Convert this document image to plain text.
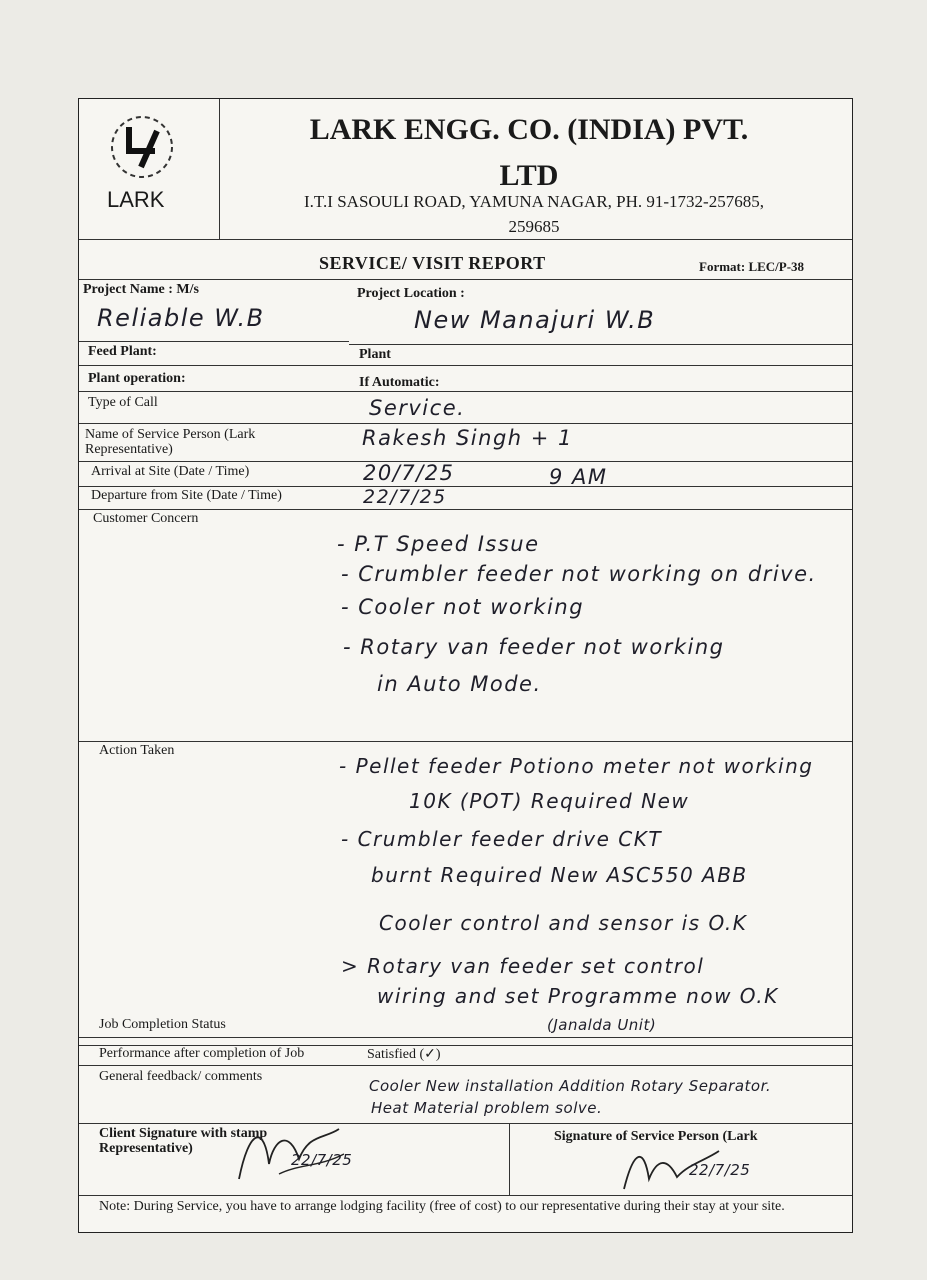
LARK
LARK ENGG. CO. (INDIA) PVT.
LTD
I.T.I SASOULI ROAD, YAMUNA NAGAR, PH. 91-1732-257685,
259685
SERVICE/ VISIT REPORT	Format: LEC/P-38
Project Name : M/s
Reliable W.B
Project Location :
New Manajuri W.B
Feed Plant:	Plant
Plant operation:	If Automatic:
Type of Call	Service.
Name of Service Person (Lark
Representative)	Rakesh Singh + 1
Arrival at Site (Date / Time)	20/7/25	9 AM
Departure from Site (Date / Time)	22/7/25
Customer Concern
- P.T Speed Issue
- Crumbler feeder not working on drive.
- Cooler not working
- Rotary van feeder not working
in Auto Mode.
Action Taken
- Pellet feeder Potiono meter not working
10K (POT) Required New
- Crumbler feeder drive CKT
burnt Required New ASC550 ABB
Cooler control and sensor is O.K
> Rotary van feeder set control
wiring and set Programme now O.K
Job Completion Status	(Janalda Unit)
Performance after completion of Job	Satisfied (✓)
General feedback/ comments
Cooler New installation Addition Rotary Separator.
Heat Material problem solve.
Client Signature with stamp
Representative)
22/7/25
Signature of Service Person (Lark
22/7/25
Note: During Service, you have to arrange lodging facility (free of cost) to our representative during their stay at your site.
